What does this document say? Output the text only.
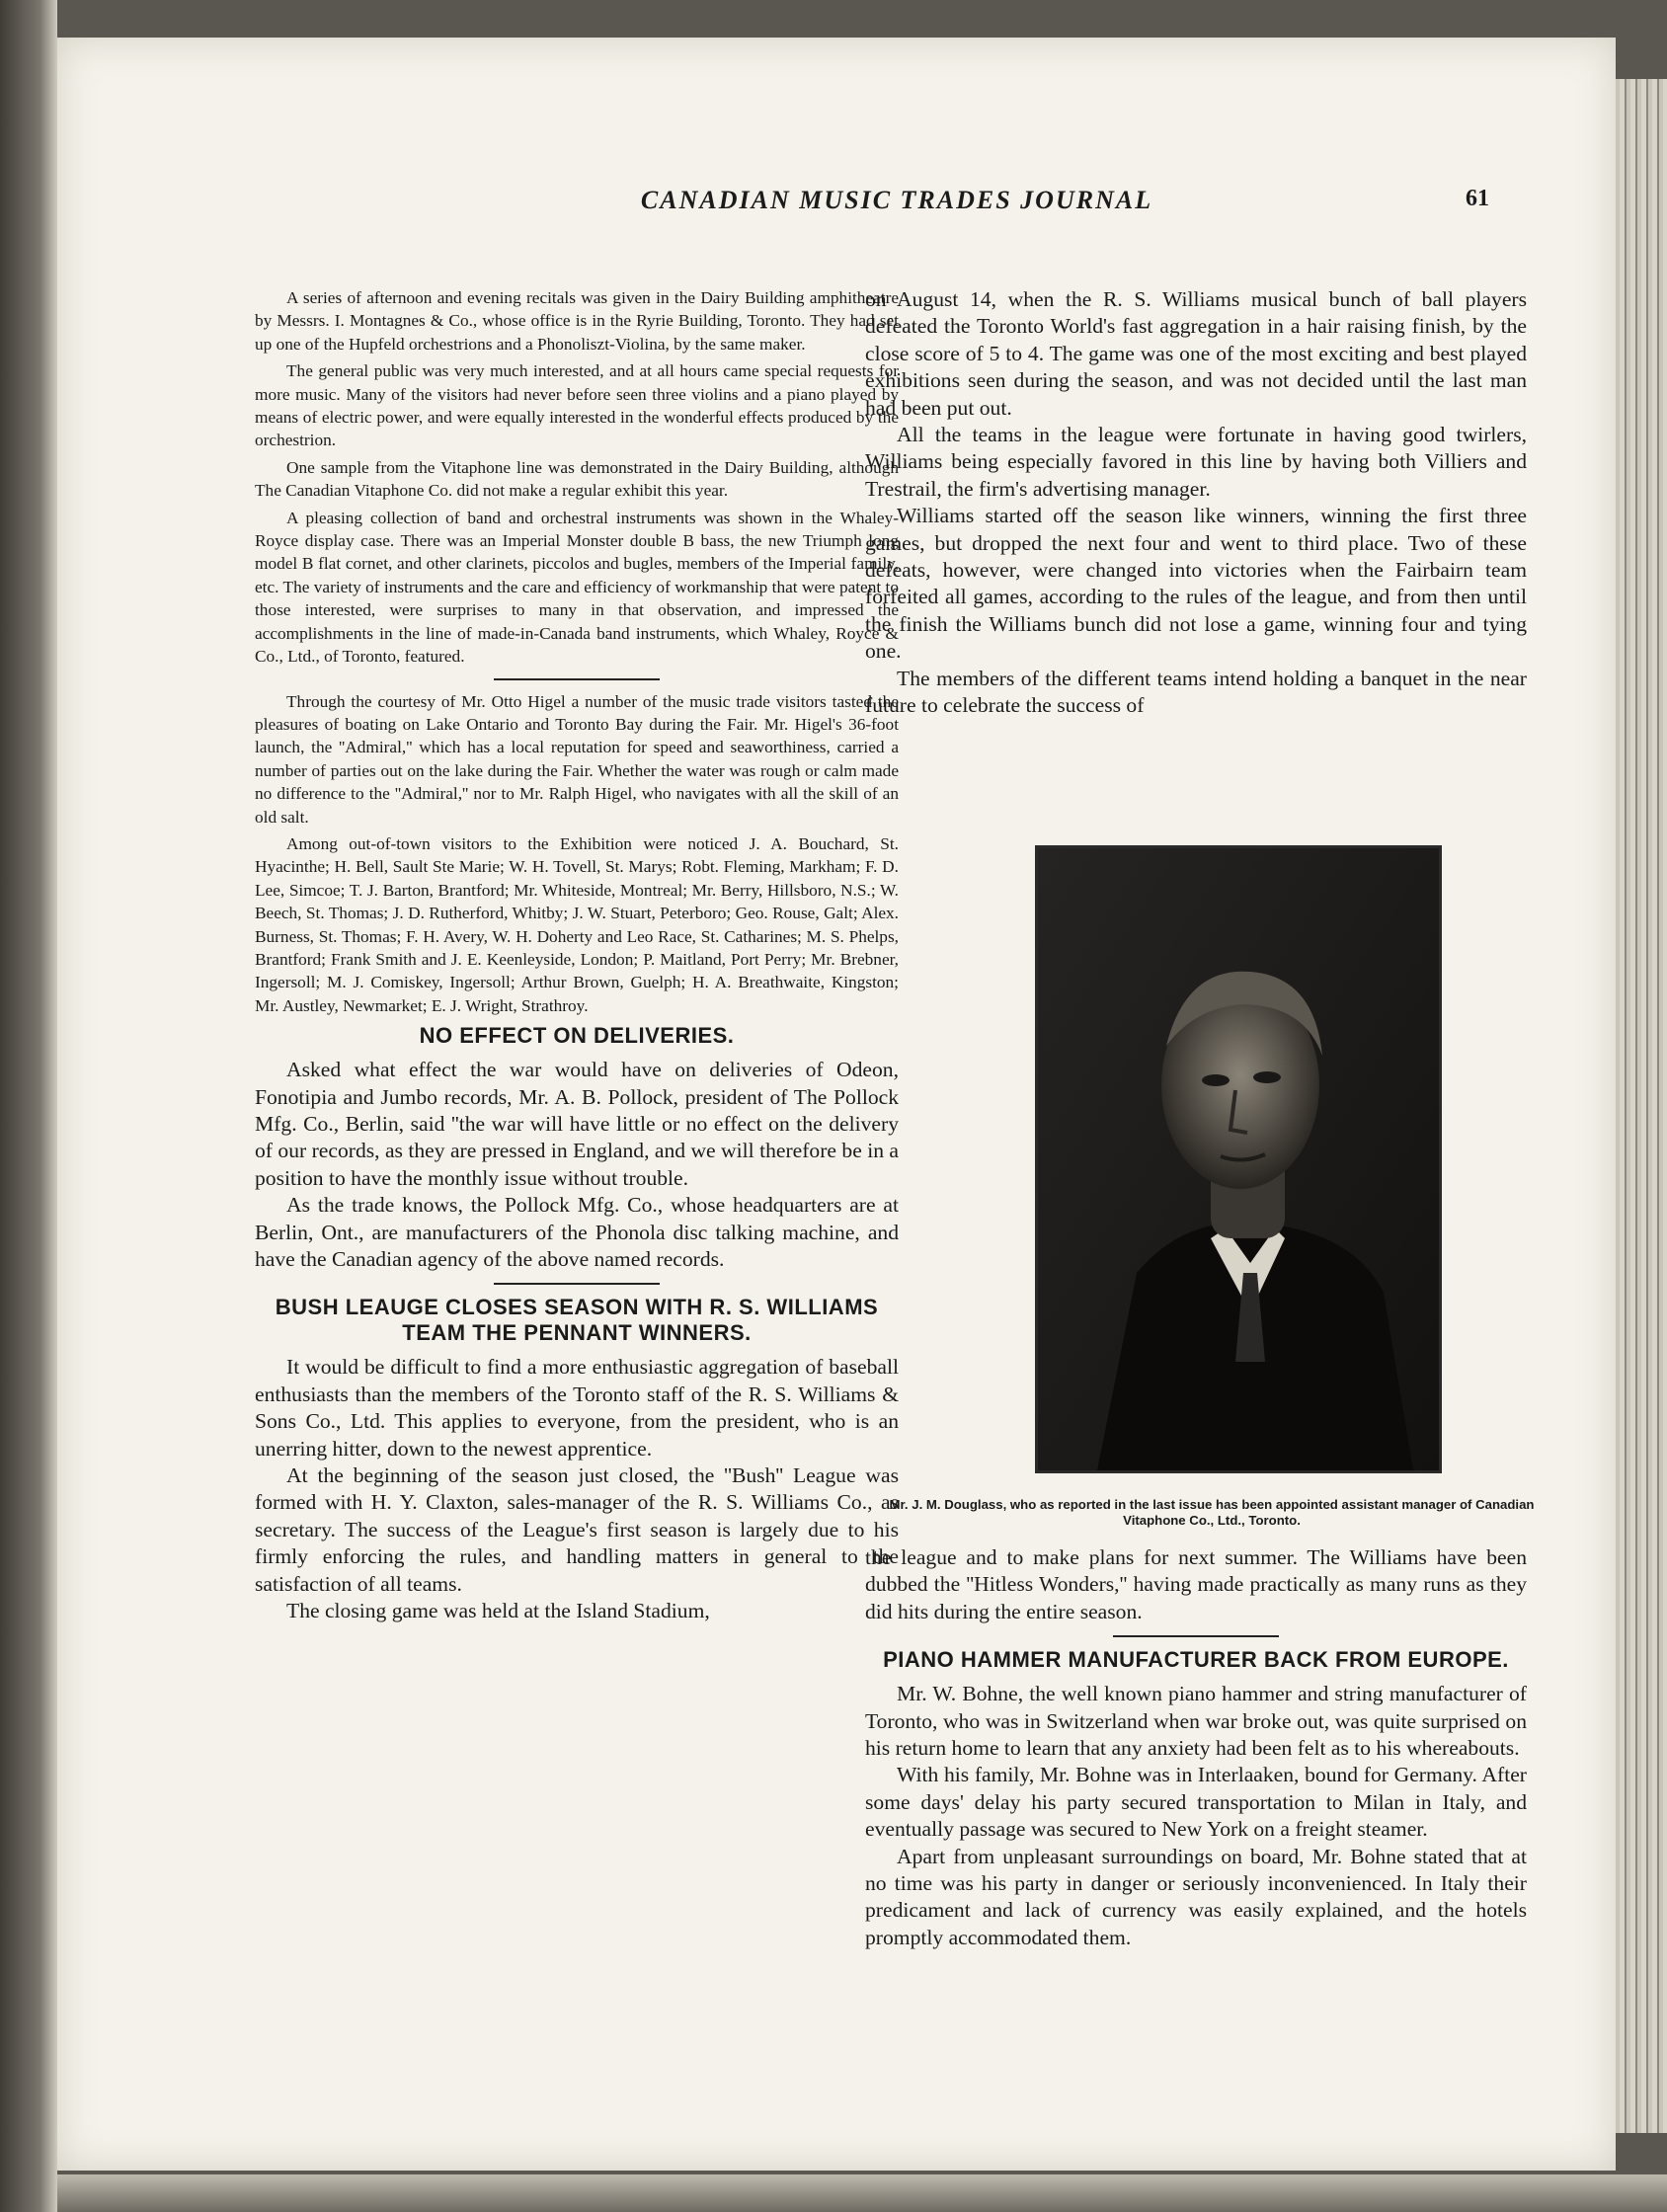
CANADIAN MUSIC TRADES JOURNAL	61

A series of afternoon and evening recitals was given in the Dairy Building amphitheatre by Messrs. I. Montagnes & Co., whose office is in the Ryrie Building, Toronto. They had set up one of the Hupfeld orchestrions and a Phonoliszt-Violina, by the same maker.

The general public was very much interested, and at all hours came special requests for more music. Many of the visitors had never before seen three violins and a piano played by means of electric power, and were equally interested in the wonderful effects produced by the orchestrion.

One sample from the Vitaphone line was demonstrated in the Dairy Building, although The Canadian Vitaphone Co. did not make a regular exhibit this year.

A pleasing collection of band and orchestral instruments was shown in the Whaley-Royce display case. There was an Imperial Monster double B bass, the new Triumph long model B flat cornet, and other clarinets, piccolos and bugles, members of the Imperial family, etc. The variety of instruments and the care and efficiency of workmanship that were patent to those interested, were surprises to many in that observation, and impressed the accomplishments in the line of made-in-Canada band instruments, which Whaley, Royce & Co., Ltd., of Toronto, featured.

Through the courtesy of Mr. Otto Higel a number of the music trade visitors tasted the pleasures of boating on Lake Ontario and Toronto Bay during the Fair. Mr. Higel's 36-foot launch, the ''Admiral,'' which has a local reputation for speed and seaworthiness, carried a number of parties out on the lake during the Fair. Whether the water was rough or calm made no difference to the ''Admiral,'' nor to Mr. Ralph Higel, who navigates with all the skill of an old salt.

Among out-of-town visitors to the Exhibition were noticed J. A. Bouchard, St. Hyacinthe; H. Bell, Sault Ste Marie; W. H. Tovell, St. Marys; Robt. Fleming, Markham; F. D. Lee, Simcoe; T. J. Barton, Brantford; Mr. Whiteside, Montreal; Mr. Berry, Hillsboro, N.S.; W. Beech, St. Thomas; J. D. Rutherford, Whitby; J. W. Stuart, Peterboro; Geo. Rouse, Galt; Alex. Burness, St. Thomas; F. H. Avery, W. H. Doherty and Leo Race, St. Catharines; M. S. Phelps, Brantford; Frank Smith and J. E. Keenleyside, London; P. Maitland, Port Perry; Mr. Brebner, Ingersoll; M. J. Comiskey, Ingersoll; Arthur Brown, Guelph; H. A. Breathwaite, Kingston; Mr. Austley, Newmarket; E. J. Wright, Strathroy.

NO EFFECT ON DELIVERIES.

Asked what effect the war would have on deliveries of Odeon, Fonotipia and Jumbo records, Mr. A. B. Pollock, president of The Pollock Mfg. Co., Berlin, said ''the war will have little or no effect on the delivery of our records, as they are pressed in England, and we will therefore be in a position to have the monthly issue without trouble.

As the trade knows, the Pollock Mfg. Co., whose headquarters are at Berlin, Ont., are manufacturers of the Phonola disc talking machine, and have the Canadian agency of the above named records.

BUSH LEAUGE CLOSES SEASON WITH R. S. WILLIAMS TEAM THE PENNANT WINNERS.

It would be difficult to find a more enthusiastic aggregation of baseball enthusiasts than the members of the Toronto staff of the R. S. Williams & Sons Co., Ltd. This applies to everyone, from the president, who is an unerring hitter, down to the newest apprentice.

At the beginning of the season just closed, the ''Bush'' League was formed with H. Y. Claxton, sales-manager of the R. S. Williams Co., as secretary. The success of the League's first season is largely due to his firmly enforcing the rules, and handling matters in general to the satisfaction of all teams.

The closing game was held at the Island Stadium,

on August 14, when the R. S. Williams musical bunch of ball players defeated the Toronto World's fast aggregation in a hair raising finish, by the close score of 5 to 4. The game was one of the most exciting and best played exhibitions seen during the season, and was not decided until the last man had been put out.

All the teams in the league were fortunate in having good twirlers, Williams being especially favored in this line by having both Villiers and Trestrail, the firm's advertising manager.

Williams started off the season like winners, winning the first three games, but dropped the next four and went to third place. Two of these defeats, however, were changed into victories when the Fairbairn team forfeited all games, according to the rules of the league, and from then until the finish the Williams bunch did not lose a game, winning four and tying one.

The members of the different teams intend holding a banquet in the near future to celebrate the success of

Mr. J. M. Douglass, who as reported in the last issue has been appointed assistant manager of Canadian Vitaphone Co., Ltd., Toronto.

the league and to make plans for next summer. The Williams have been dubbed the ''Hitless Wonders,'' having made practically as many runs as they did hits during the entire season.

PIANO HAMMER MANUFACTURER BACK FROM EUROPE.

Mr. W. Bohne, the well known piano hammer and string manufacturer of Toronto, who was in Switzerland when war broke out, was quite surprised on his return home to learn that any anxiety had been felt as to his whereabouts.

With his family, Mr. Bohne was in Interlaaken, bound for Germany. After some days' delay his party secured transportation to Milan in Italy, and eventually passage was secured to New York on a freight steamer.

Apart from unpleasant surroundings on board, Mr. Bohne stated that at no time was his party in danger or seriously inconvenienced. In Italy their predicament and lack of currency was easily explained, and the hotels promptly accommodated them.
